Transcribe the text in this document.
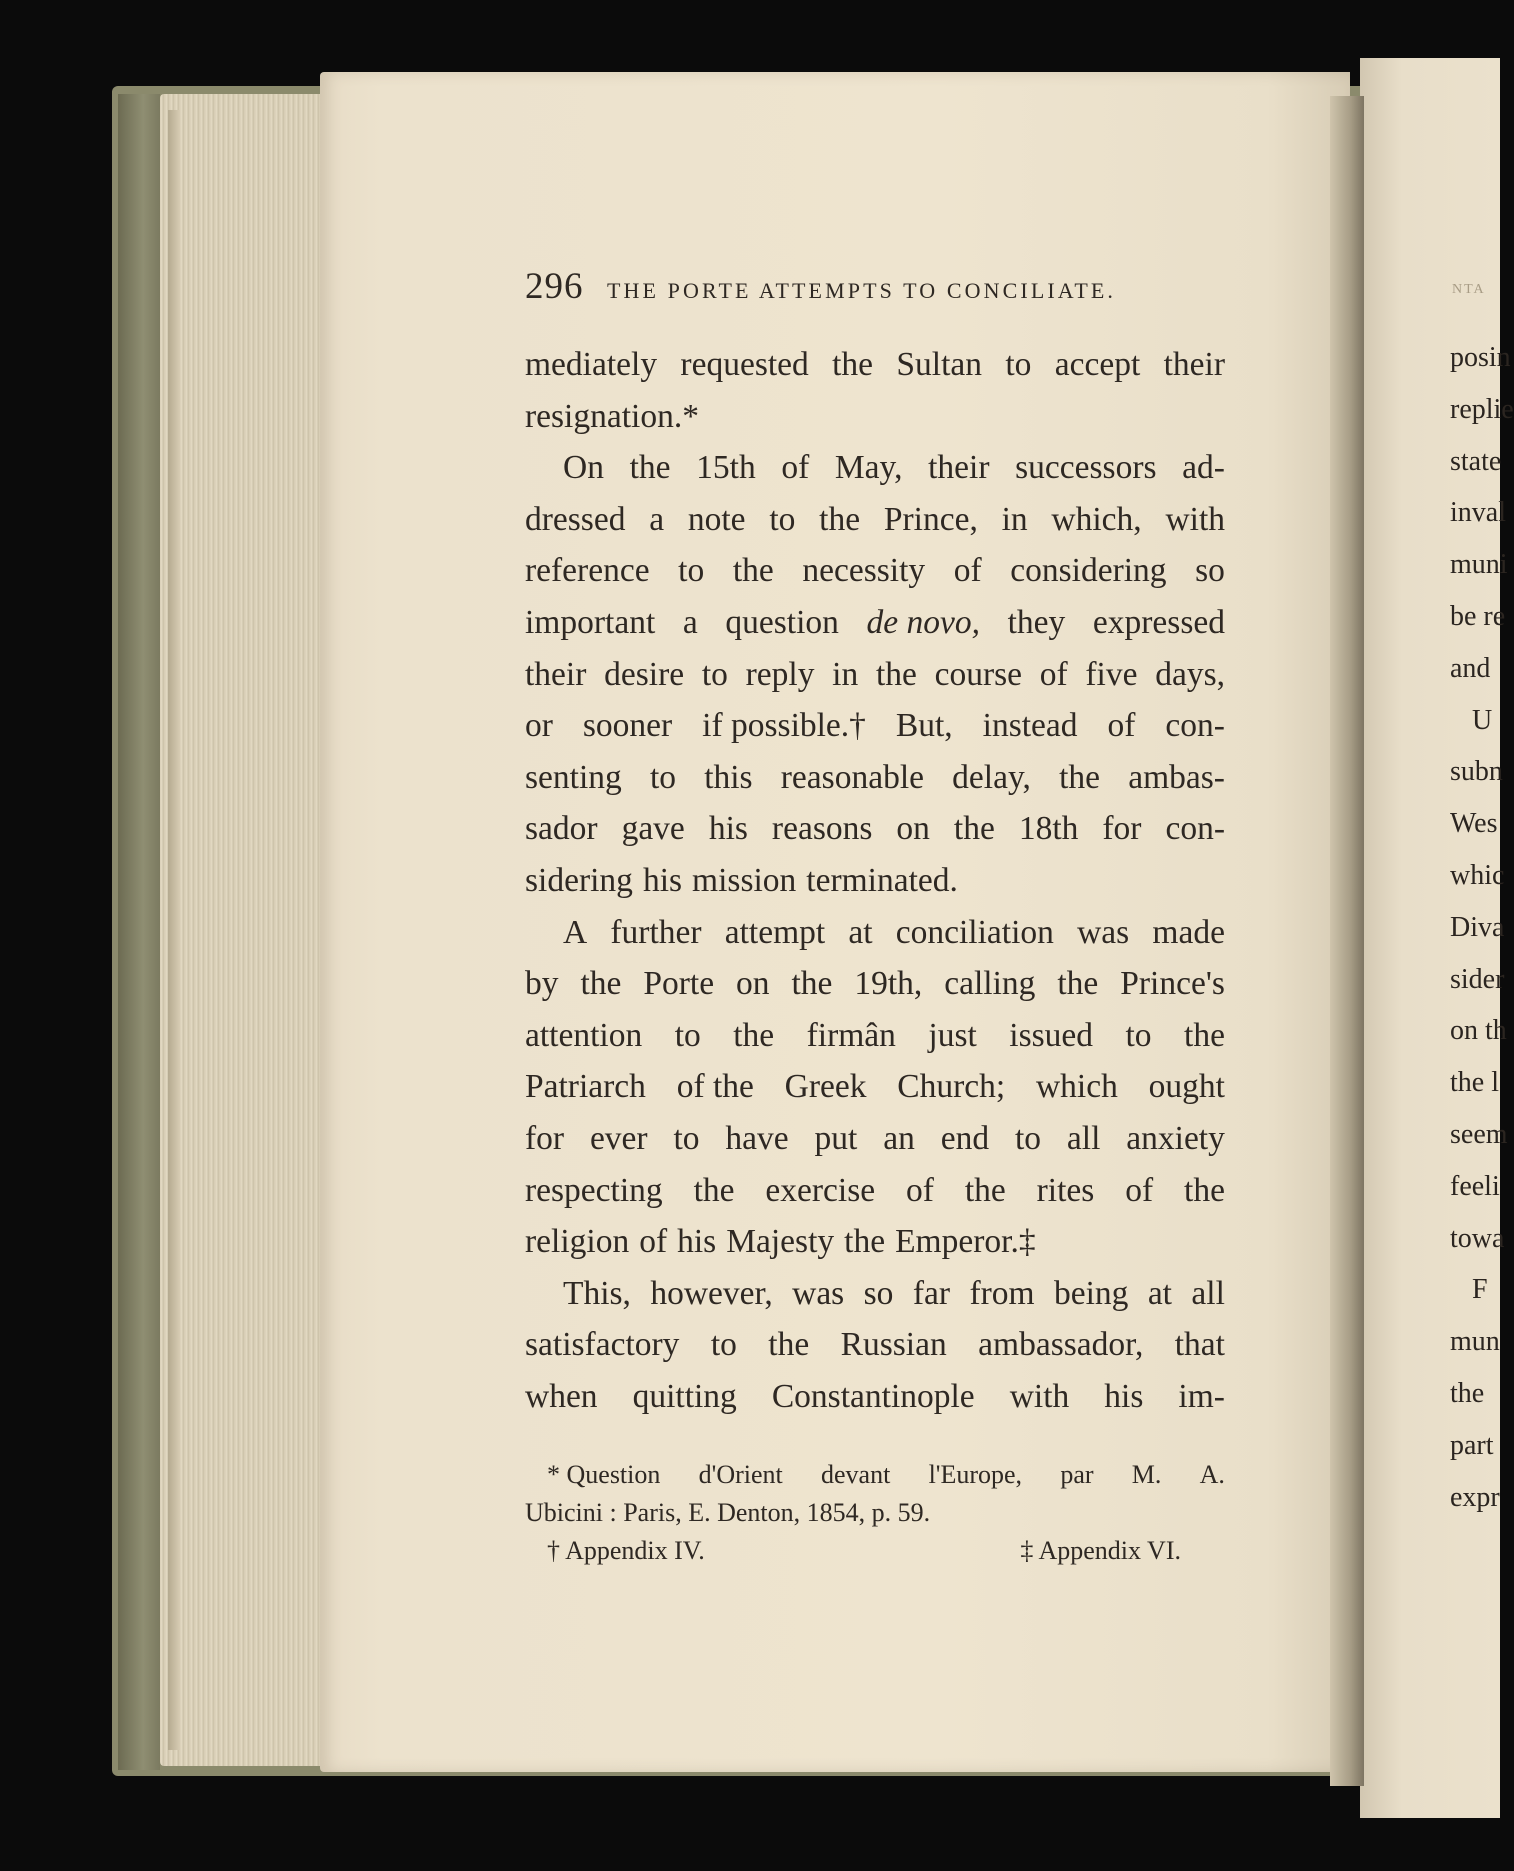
NTA
posin
replie
state
inval
muni
be re
and
U
subn
Wes
whic
Diva
sider
on th
the l
seem
feeli
towa
F
mun
the
part
expr
296	THE PORTE ATTEMPTS TO CONCILIATE.
mediately requested the Sultan to accept their
resignation.*
On the 15th of May, their successors ad-
dressed a note to the Prince, in which, with
reference to the necessity of considering so
important a question de novo, they expressed
their desire to reply in the course of five days,
or sooner if possible.† But, instead of con-
senting to this reasonable delay, the ambas-
sador gave his reasons on the 18th for con-
sidering his mission terminated.
A further attempt at conciliation was made
by the Porte on the 19th, calling the Prince's
attention to the firmân just issued to the
Patriarch of the Greek Church; which ought
for ever to have put an end to all anxiety
respecting the exercise of the rites of the
religion of his Majesty the Emperor.‡
This, however, was so far from being at all
satisfactory to the Russian ambassador, that
when quitting Constantinople with his im-
* Question d'Orient devant l'Europe, par M. A.
Ubicini : Paris, E. Denton, 1854, p. 59.
† Appendix IV.	‡ Appendix VI.
